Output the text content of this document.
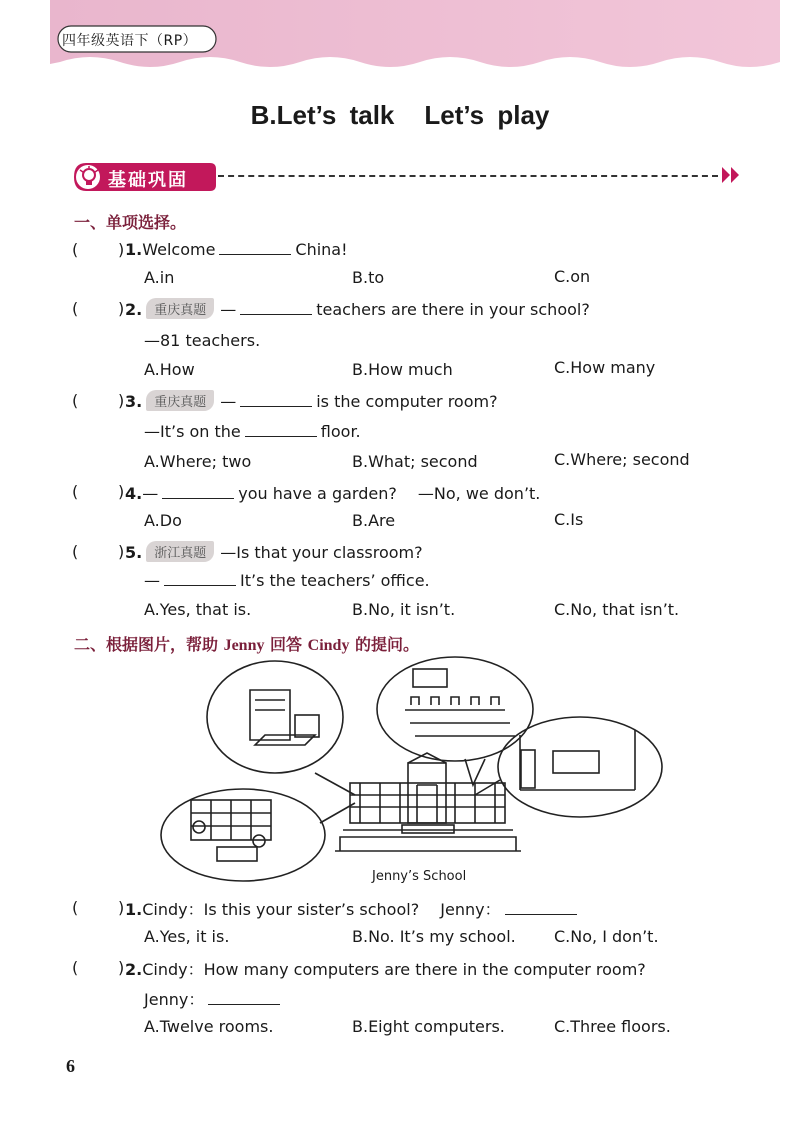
四年级英语下（RP）
B.Let’s talk Let’s play
基础巩固
一、单项选择。
( ) 1.Welcome	China!
A.in	B.to	C.on
( ) 2. 重庆真题 —	teachers are there in your school?
—81 teachers.
A.How	B.How much	C.How many
( ) 3. 重庆真题 —	is the computer room?
—It’s on the	floor.
A.Where; two	B.What; second	C.Where; second
( ) 4.—	you have a garden?　 —No, we don’t.
A.Do	B.Are	C.Is
( ) 5. 浙江真题 —Is that your classroom?
—	It’s the teachers’ office.
A.Yes, that is.	B.No, it isn’t.	C.No, that isn’t.
二、根据图片，帮助 Jenny 回答 Cindy 的提问。
Jenny’s School
( ) 1.Cindy：Is this your sister’s school?　 Jenny：
A.Yes, it is.	B.No. It’s my school. C.No, I don’t.
( ) 2.Cindy：How many computers are there in the computer room?
Jenny：
A.Twelve rooms.	B.Eight computers.	C.Three floors.
6
